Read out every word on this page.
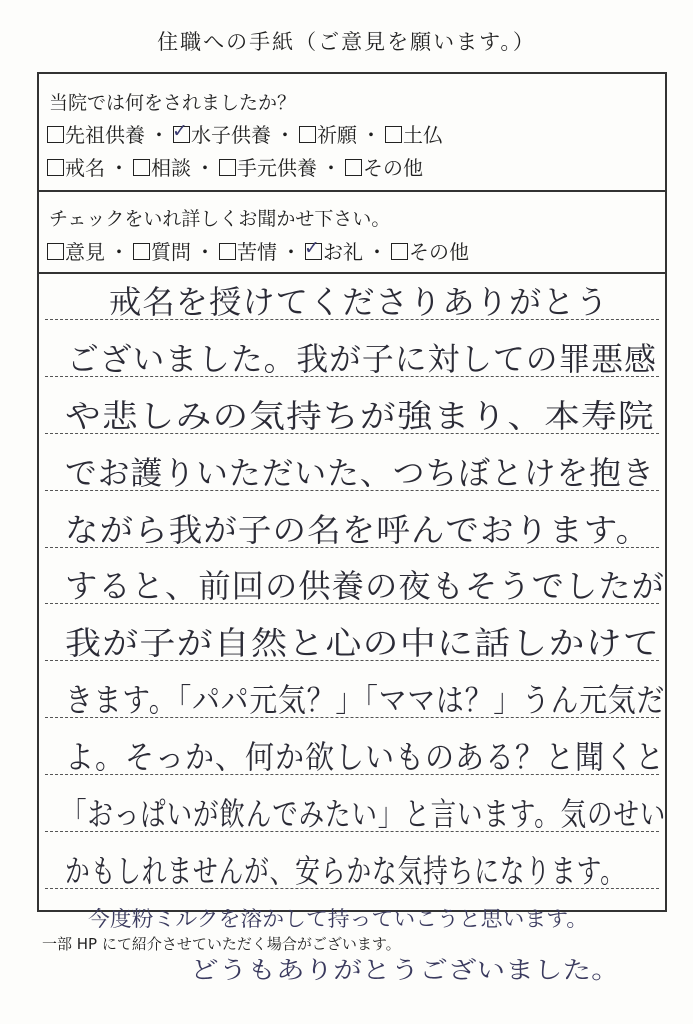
住職への手紙（ご意見を願います。）
当院では何をされましたか？
先祖供養 ・ ✓ 水子供養 ・ 祈願 ・ 土仏
戒名 ・ 相談 ・ 手元供養 ・ その他
チェックをいれ詳しくお聞かせ下さい。
意見 ・ 質問 ・ 苦情 ・ ✓ お礼 ・ その他
戒名を授けてくださりありがとう
ございました。我が子に対しての罪悪感
や悲しみの気持ちが強まり、本寿院
でお護りいただいた、つちぼとけを抱き
ながら我が子の名を呼んでおります。
すると、前回の供養の夜もそうでしたが
我が子が自然と心の中に話しかけて
きます。「パパ元気？」「ママは？」うん元気だ
よ。そっか、何か欲しいものある？と聞くと
「おっぱいが飲んでみたい」と言います。気のせい
かもしれませんが、安らかな気持ちになります。
今度粉ミルクを溶かして持っていこうと思います。
どうもありがとうございました。
一部 HP にて紹介させていただく場合がございます。
